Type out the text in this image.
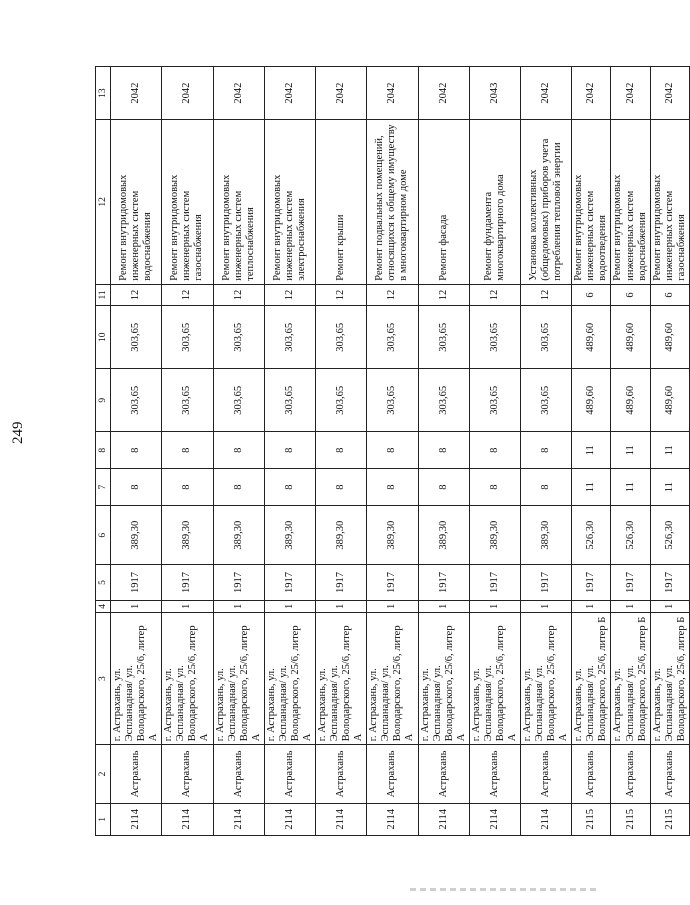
249
1	2	3	4	5	6	7	8	9	10	11	12	13
2114	Астрахань	г. Астрахань, ул. Эспланадная/ ул. Володарского, 25/6, литер А	1	1917	389,30	8	8	303,65	303,65	12	Ремонт внутридомовых инженерных систем водоснабжения	2042
2114	Астрахань	г. Астрахань, ул. Эспланадная/ ул. Володарского, 25/6, литер А	1	1917	389,30	8	8	303,65	303,65	12	Ремонт внутридомовых инженерных систем газоснабжения	2042
2114	Астрахань	г. Астрахань, ул. Эспланадная/ ул. Володарского, 25/6, литер А	1	1917	389,30	8	8	303,65	303,65	12	Ремонт внутридомовых инженерных систем теплоснабжения	2042
2114	Астрахань	г. Астрахань, ул. Эспланадная/ ул. Володарского, 25/6, литер А	1	1917	389,30	8	8	303,65	303,65	12	Ремонт внутридомовых инженерных систем электроснабжения	2042
2114	Астрахань	г. Астрахань, ул. Эспланадная/ ул. Володарского, 25/6, литер А	1	1917	389,30	8	8	303,65	303,65	12	Ремонт крыши	2042
2114	Астрахань	г. Астрахань, ул. Эспланадная/ ул. Володарского, 25/6, литер А	1	1917	389,30	8	8	303,65	303,65	12	Ремонт подвальных помещений, относящихся к общему имуществу в многоквартирном доме	2042
2114	Астрахань	г. Астрахань, ул. Эспланадная/ ул. Володарского, 25/6, литер А	1	1917	389,30	8	8	303,65	303,65	12	Ремонт фасада	2042
2114	Астрахань	г. Астрахань, ул. Эспланадная/ ул. Володарского, 25/6, литер А	1	1917	389,30	8	8	303,65	303,65	12	Ремонт фундамента многоквартирного дома	2043
2114	Астрахань	г. Астрахань, ул. Эспланадная/ ул. Володарского, 25/6, литер А	1	1917	389,30	8	8	303,65	303,65	12	Установка коллективных (общедомовых) приборов учета потребления тепловой энергии	2042
2115	Астрахань	г. Астрахань, ул. Эспланадная/ ул. Володарского, 25/6, литер Б	1	1917	526,30	11	11	489,60	489,60	6	Ремонт внутридомовых инженерных систем водоотведения	2042
2115	Астрахань	г. Астрахань, ул. Эспланадная/ ул. Володарского, 25/6, литер Б	1	1917	526,30	11	11	489,60	489,60	6	Ремонт внутридомовых инженерных систем водоснабжения	2042
2115	Астрахань	г. Астрахань, ул. Эспланадная/ ул. Володарского, 25/6, литер Б	1	1917	526,30	11	11	489,60	489,60	6	Ремонт внутридомовых инженерных систем газоснабжения	2042
